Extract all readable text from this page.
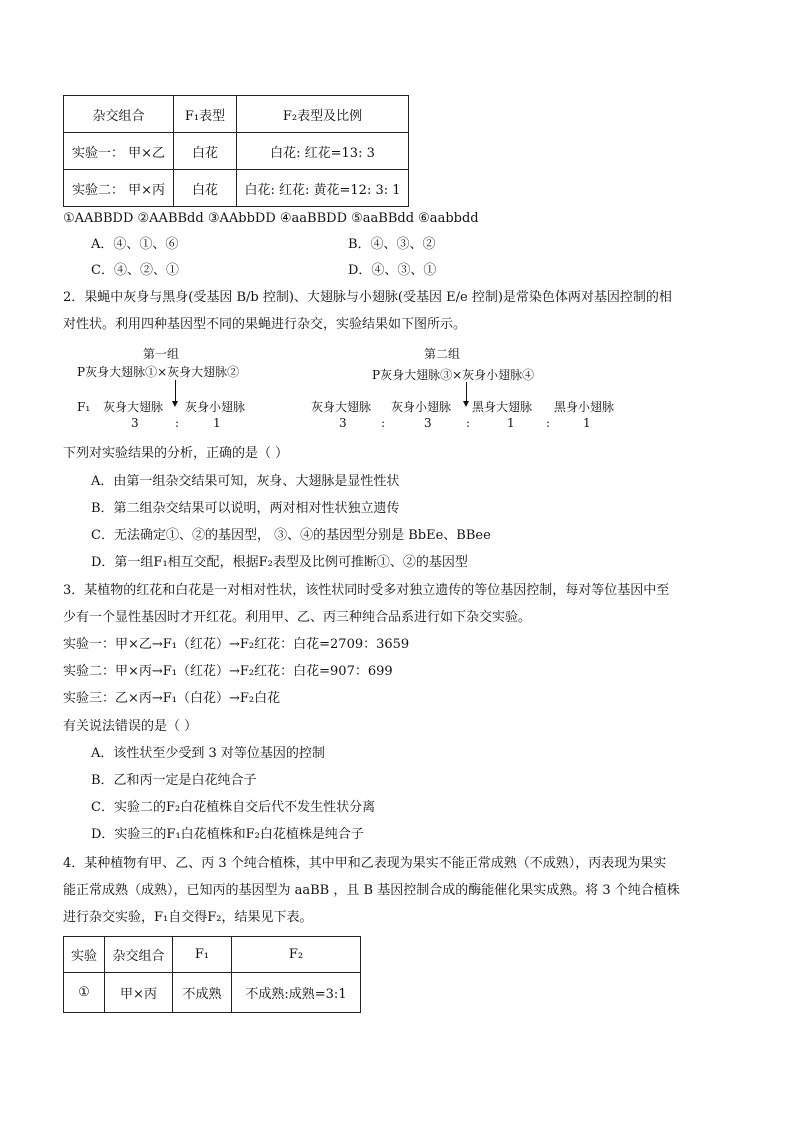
杂交组合	F₁表型	F₂表型及比例
实验一： 甲×乙	白花	白花: 红花=13: 3
实验二： 甲×丙	白花	白花: 红花: 黄花=12: 3: 1
①AABBDD ②AABBdd ③AAbbDD ④aaBBDD ⑤aaBBdd ⑥aabbdd
A．④、①、⑥	B．④、③、②
C．④、②、①	D．④、③、①
2．果蝇中灰身与黑身(受基因 B/b 控制)、大翅脉与小翅脉(受基因 E/e 控制)是常染色体两对基因控制的相
对性状。利用四种基因型不同的果蝇进行杂交，实验结果如下图所示。
第一组
P灰身大翅脉①×灰身大翅脉②
F₁ 灰身大翅脉 灰身小翅脉
3	:	1
第二组
P灰身大翅脉③×灰身小翅脉④
灰身大翅脉 灰身小翅脉 黑身大翅脉 黑身小翅脉
3	:	3	:	1	:	1
下列对实验结果的分析，正确的是（ ）
A．由第一组杂交结果可知，灰身、大翅脉是显性性状
B．第二组杂交结果可以说明，两对相对性状独立遗传
C．无法确定①、②的基因型， ③、④的基因型分别是 BbEe、BBee
D．第一组F₁相互交配，根据F₂表型及比例可推断①、②的基因型
3．某植物的红花和白花是一对相对性状，该性状同时受多对独立遗传的等位基因控制，每对等位基因中至
少有一个显性基因时才开红花。利用甲、乙、丙三种纯合品系进行如下杂交实验。
实验一：甲×乙→F₁（红花）→F₂红花：白花=2709：3659
实验二：甲×丙→F₁（红花）→F₂红花：白花=907：699
实验三：乙×丙→F₁（白花）→F₂白花
有关说法错误的是（ ）
A．该性状至少受到 3 对等位基因的控制
B．乙和丙一定是白花纯合子
C．实验二的F₂白花植株自交后代不发生性状分离
D．实验三的F₁白花植株和F₂白花植株是纯合子
4．某种植物有甲、乙、丙 3 个纯合植株，其中甲和乙表现为果实不能正常成熟（不成熟），丙表现为果实
能正常成熟（成熟），已知丙的基因型为 aaBB ，且 B 基因控制合成的酶能催化果实成熟。将 3 个纯合植株
进行杂交实验，F₁自交得F₂，结果见下表。
实验	杂交组合	F₁	F₂
①	甲×丙	不成熟	不成熟:成熟=3:1
